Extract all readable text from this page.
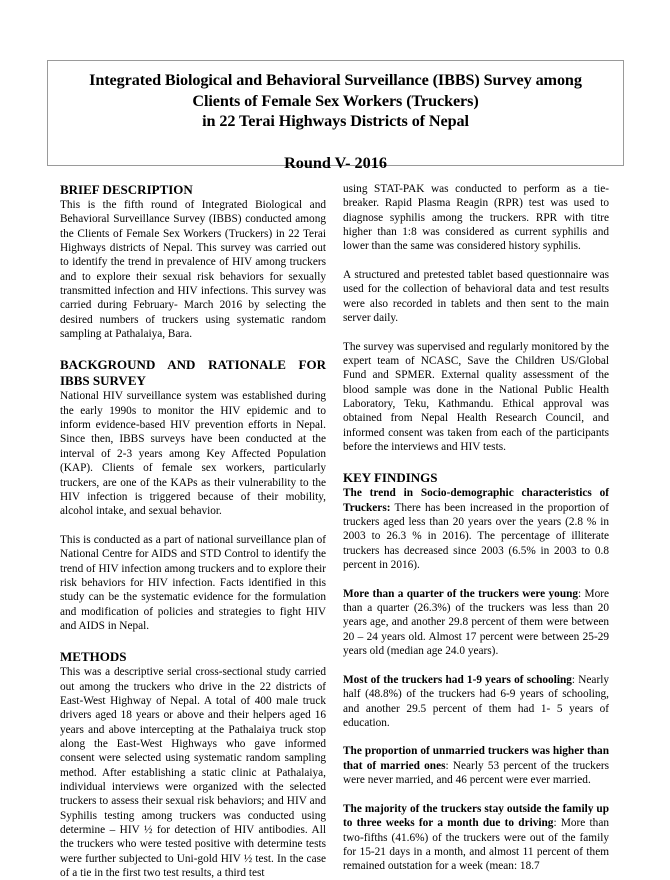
Integrated Biological and Behavioral Surveillance (IBBS) Survey among
Clients of Female Sex Workers (Truckers)
in 22 Terai Highways Districts of Nepal
Round V- 2016
BRIEF DESCRIPTION

This is the fifth round of Integrated Biological and Behavioral Surveillance Survey (IBBS) conducted among the Clients of Female Sex Workers (Truckers) in 22 Terai Highways districts of Nepal. This survey was carried out to identify the trend in prevalence of HIV among truckers and to explore their sexual risk behaviors for sexually transmitted infection and HIV infections. This survey was carried during February- March 2016 by selecting the desired numbers of truckers using systematic random sampling at Pathalaiya, Bara.

BACKGROUND AND RATIONALE FOR
IBBS SURVEY

National HIV surveillance system was established during the early 1990s to monitor the HIV epidemic and to inform evidence-based HIV prevention efforts in Nepal. Since then, IBBS surveys have been conducted at the interval of 2-3 years among Key Affected Population (KAP). Clients of female sex workers, particularly truckers, are one of the KAPs as their vulnerability to the HIV infection is triggered because of their mobility, alcohol intake, and sexual behavior.

This is conducted as a part of national surveillance plan of National Centre for AIDS and STD Control to identify the trend of HIV infection among truckers and to explore their risk behaviors for HIV infection. Facts identified in this study can be the systematic evidence for the formulation and modification of policies and strategies to fight HIV and AIDS in Nepal.

METHODS

This was a descriptive serial cross-sectional study carried out among the truckers who drive in the 22 districts of East-West Highway of Nepal. A total of 400 male truck drivers aged 18 years or above and their helpers aged 16 years and above intercepting at the Pathalaiya truck stop along the East-West Highways who gave informed consent were selected using systematic random sampling method. After establishing a static clinic at Pathalaiya, individual interviews were organized with the selected truckers to assess their sexual risk behaviors; and HIV and Syphilis testing among truckers was conducted using determine – HIV ½ for detection of HIV antibodies. All the truckers who were tested positive with determine tests were further subjected to Uni-gold HIV ½ test. In the case of a tie in the first two test results, a third test

using STAT-PAK was conducted to perform as a tie-breaker. Rapid Plasma Reagin (RPR) test was used to diagnose syphilis among the truckers. RPR with titre higher than 1:8 was considered as current syphilis and lower than the same was considered history syphilis.

A structured and pretested tablet based questionnaire was used for the collection of behavioral data and test results were also recorded in tablets and then sent to the main server daily.

The survey was supervised and regularly monitored by the expert team of NCASC, Save the Children US/Global Fund and SPMER. External quality assessment of the blood sample was done in the National Public Health Laboratory, Teku, Kathmandu. Ethical approval was obtained from Nepal Health Research Council, and informed consent was taken from each of the participants before the interviews and HIV tests.

KEY FINDINGS

The trend in Socio-demographic characteristics of Truckers: There has been increased in the proportion of truckers aged less than 20 years over the years (2.8 % in 2003 to 26.3 % in 2016). The percentage of illiterate truckers has decreased since 2003 (6.5% in 2003 to 0.8 percent in 2016).

More than a quarter of the truckers were young: More than a quarter (26.3%) of the truckers was less than 20 years age, and another 29.8 percent of them were between 20 – 24 years old. Almost 17 percent were between 25-29 years old (median age 24.0 years).

Most of the truckers had 1-9 years of schooling: Nearly half (48.8%) of the truckers had 6-9 years of schooling, and another 29.5 percent of them had 1- 5 years of education.

The proportion of unmarried truckers was higher than that of married ones: Nearly 53 percent of the truckers were never married, and 46 percent were ever married.

The majority of the truckers stay outside the family up to three weeks for a month due to driving: More than two-fifths (41.6%) of the truckers were out of the family for 15-21 days in a month, and almost 11 percent of them remained outstation for a week (mean: 18.7
